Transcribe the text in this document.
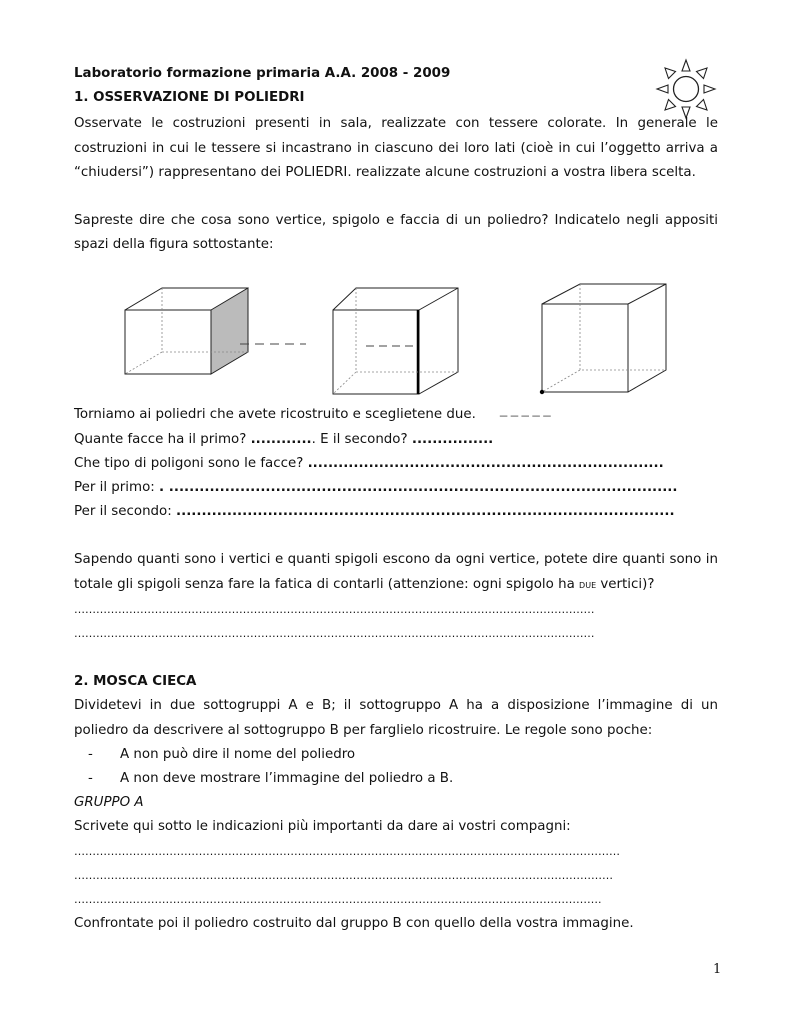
Laboratorio formazione primaria A.A. 2008 - 2009

1. OSSERVAZIONE DI POLIEDRI

Osservate le costruzioni presenti in sala, realizzate con tessere colorate. In generale le costruzioni in cui le tessere si incastrano in ciascuno dei loro lati (cioè in cui l’oggetto arriva a “chiudersi”) rappresentano dei POLIEDRI. realizzate alcune costruzioni a vostra libera scelta.

Sapreste dire che cosa sono vertice, spigolo e faccia di un poliedro? Indicatelo negli appositi spazi della figura sottostante:

Torniamo ai poliedri che avete ricostruito e sceglietene due.

Quante facce ha il primo? ............. E il secondo? ................

Che tipo di poligoni sono le facce? ......................................................................

Per il primo: . ....................................................................................................

Per il secondo: ..................................................................................................

Sapendo quanti sono i vertici e quanti spigoli escono da ogni vertice, potete dire quanti sono in totale gli spigoli senza fare la fatica di contarli (attenzione: ogni spigolo ha DUE vertici)?

……………………………………………………….……………………………………………………………………

…………………………………………………………………………………………………….………………………

2. MOSCA CIECA

Dividetevi in due sottogruppi A e B; il sottogruppo A ha a disposizione l’immagine di un poliedro da descrivere al sottogruppo B per farglielo ricostruire. Le regole sono poche:

- A non può dire il nome del poliedro
- A non deve mostrare l’immagine del poliedro a B.

GRUPPO A

Scrivete qui sotto le indicazioni più importanti da dare ai vostri compagni:

………………………………………………………………………………….…………………………….…………………

…………………………………………………………………………………………………………………………………

…………….…………………………………………………………………………….………………………………….

Confrontate poi il poliedro costruito dal gruppo B con quello della vostra immagine.

_ _ _ _ _
1
